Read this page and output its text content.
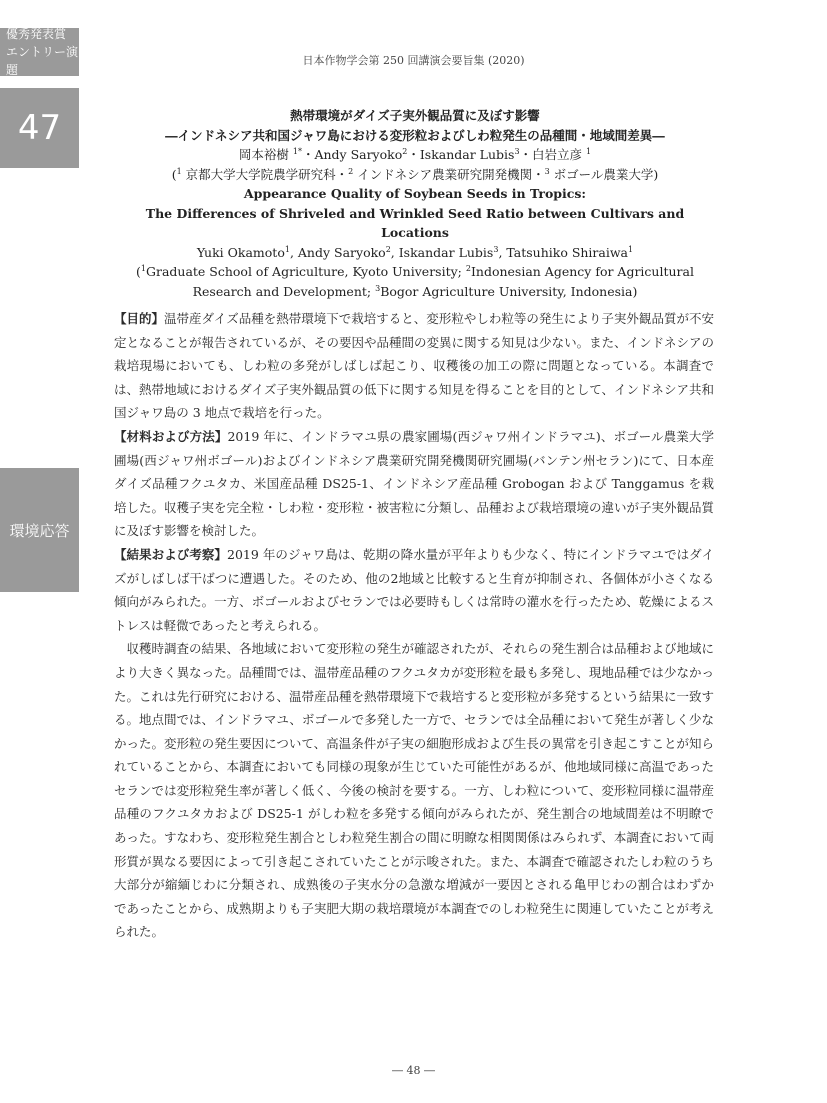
優秀発表賞
エントリー演題
47
環境応答
日本作物学会第 250 回講演会要旨集 (2020)
熱帯環境がダイズ子実外観品質に及ぼす影響
―インドネシア共和国ジャワ島における変形粒およびしわ粒発生の品種間・地域間差異―
岡本裕樹 $^{1*}$・Andy Saryoko$^2$・Iskandar Lubis$^3$・白岩立彦 $^1$
($^1$ 京都大学大学院農学研究科・$^2$ インドネシア農業研究開発機関・$^3$ ボゴール農業大学)
Appearance Quality of Soybean Seeds in Tropics:
The Differences of Shriveled and Wrinkled Seed Ratio between Cultivars and Locations
Yuki Okamoto$^1$, Andy Saryoko$^2$, Iskandar Lubis$^3$, Tatsuhiko Shiraiwa$^1$
($^1$Graduate School of Agriculture, Kyoto University; $^2$Indonesian Agency for Agricultural
Research and Development; $^3$Bogor Agriculture University, Indonesia)

【目的】温帯産ダイズ品種を熱帯環境下で栽培すると、変形粒やしわ粒等の発生により子実外観品質が不安定となることが報告されているが、その要因や品種間の変異に関する知見は少ない。また、インドネシアの栽培現場においても、しわ粒の多発がしばしば起こり、収穫後の加工の際に問題となっている。本調査では、熱帯地域におけるダイズ子実外観品質の低下に関する知見を得ることを目的として、インドネシア共和国ジャワ島の 3 地点で栽培を行った。

【材料および方法】2019 年に、インドラマユ県の農家圃場(西ジャワ州インドラマユ)、ボゴール農業大学圃場(西ジャワ州ボゴール)およびインドネシア農業研究開発機関研究圃場(バンテン州セラン)にて、日本産ダイズ品種フクユタカ、米国産品種 DS25-1、インドネシア産品種 Grobogan および Tanggamus を栽培した。収穫子実を完全粒・しわ粒・変形粒・被害粒に分類し、品種および栽培環境の違いが子実外観品質に及ぼす影響を検討した。

【結果および考察】2019 年のジャワ島は、乾期の降水量が平年よりも少なく、特にインドラマユではダイズがしばしば干ばつに遭遇した。そのため、他の2地域と比較すると生育が抑制され、各個体が小さくなる傾向がみられた。一方、ボゴールおよびセランでは必要時もしくは常時の灌水を行ったため、乾燥によるストレスは軽微であったと考えられる。

収穫時調査の結果、各地域において変形粒の発生が確認されたが、それらの発生割合は品種および地域により大きく異なった。品種間では、温帯産品種のフクユタカが変形粒を最も多発し、現地品種では少なかった。これは先行研究における、温帯産品種を熱帯環境下で栽培すると変形粒が多発するという結果に一致する。地点間では、インドラマユ、ボゴールで多発した一方で、セランでは全品種において発生が著しく少なかった。変形粒の発生要因について、高温条件が子実の細胞形成および生長の異常を引き起こすことが知られていることから、本調査においても同様の現象が生じていた可能性があるが、他地域同様に高温であったセランでは変形粒発生率が著しく低く、今後の検討を要する。一方、しわ粒について、変形粒同様に温帯産品種のフクユタカおよび DS25-1 がしわ粒を多発する傾向がみられたが、発生割合の地域間差は不明瞭であった。すなわち、変形粒発生割合としわ粒発生割合の間に明瞭な相関関係はみられず、本調査において両形質が異なる要因によって引き起こされていたことが示唆された。また、本調査で確認されたしわ粒のうち大部分が縮緬じわに分類され、成熟後の子実水分の急激な増減が一要因とされる亀甲じわの割合はわずかであったことから、成熟期よりも子実肥大期の栽培環境が本調査でのしわ粒発生に関連していたことが考えられた。

― 48 ―
